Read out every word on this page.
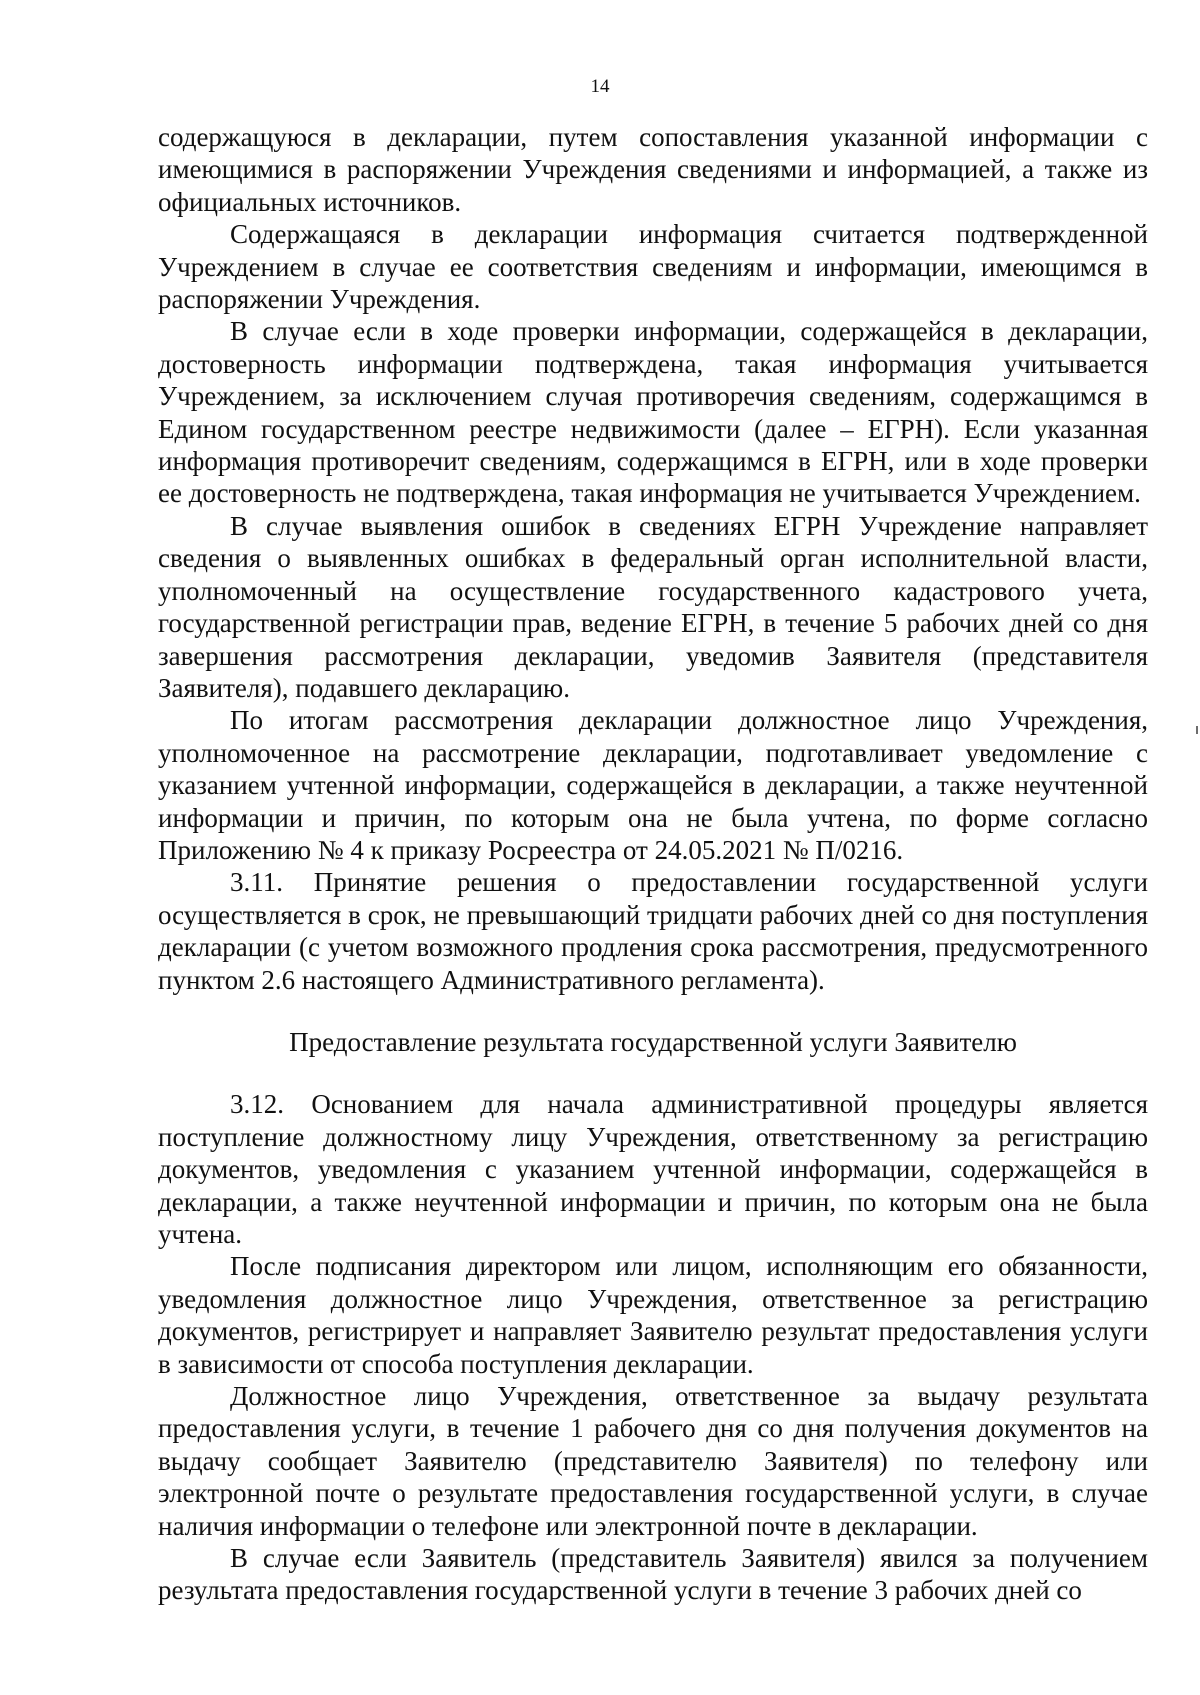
14

содержащуюся в декларации, путем сопоставления указанной информации с имеющимися в распоряжении Учреждения сведениями и информацией, а также из официальных источников.

Содержащаяся в декларации информация считается подтвержденной Учреждением в случае ее соответствия сведениям и информации, имеющимся в распоряжении Учреждения.

В случае если в ходе проверки информации, содержащейся в декларации, достоверность информации подтверждена, такая информация учитывается Учреждением, за исключением случая противоречия сведениям, содержащимся в Едином государственном реестре недвижимости (далее – ЕГРН). Если указанная информация противоречит сведениям, содержащимся в ЕГРН, или в ходе проверки ее достоверность не подтверждена, такая информация не учитывается Учреждением.

В случае выявления ошибок в сведениях ЕГРН Учреждение направляет сведения о выявленных ошибках в федеральный орган исполнительной власти, уполномоченный на осуществление государственного кадастрового учета, государственной регистрации прав, ведение ЕГРН, в течение 5 рабочих дней со дня завершения рассмотрения декларации, уведомив Заявителя (представителя Заявителя), подавшего декларацию.

По итогам рассмотрения декларации должностное лицо Учреждения, уполномоченное на рассмотрение декларации, подготавливает уведомление с указанием учтенной информации, содержащейся в декларации, а также неучтенной информации и причин, по которым она не была учтена, по форме согласно Приложению № 4 к приказу Росреестра от 24.05.2021 № П/0216.

3.11. Принятие решения о предоставлении государственной услуги осуществляется в срок, не превышающий тридцати рабочих дней со дня поступления декларации (с учетом возможного продления срока рассмотрения, предусмотренного пунктом 2.6 настоящего Административного регламента).

Предоставление результата государственной услуги Заявителю

3.12. Основанием для начала административной процедуры является поступление должностному лицу Учреждения, ответственному за регистрацию документов, уведомления с указанием учтенной информации, содержащейся в декларации, а также неучтенной информации и причин, по которым она не была учтена.

После подписания директором или лицом, исполняющим его обязанности, уведомления должностное лицо Учреждения, ответственное за регистрацию документов, регистрирует и направляет Заявителю результат предоставления услуги в зависимости от способа поступления декларации.

Должностное лицо Учреждения, ответственное за выдачу результата предоставления услуги, в течение 1 рабочего дня со дня получения документов на выдачу сообщает Заявителю (представителю Заявителя) по телефону или электронной почте о результате предоставления государственной услуги, в случае наличия информации о телефоне или электронной почте в декларации.

В случае если Заявитель (представитель Заявителя) явился за получением результата предоставления государственной услуги в течение 3 рабочих дней со
